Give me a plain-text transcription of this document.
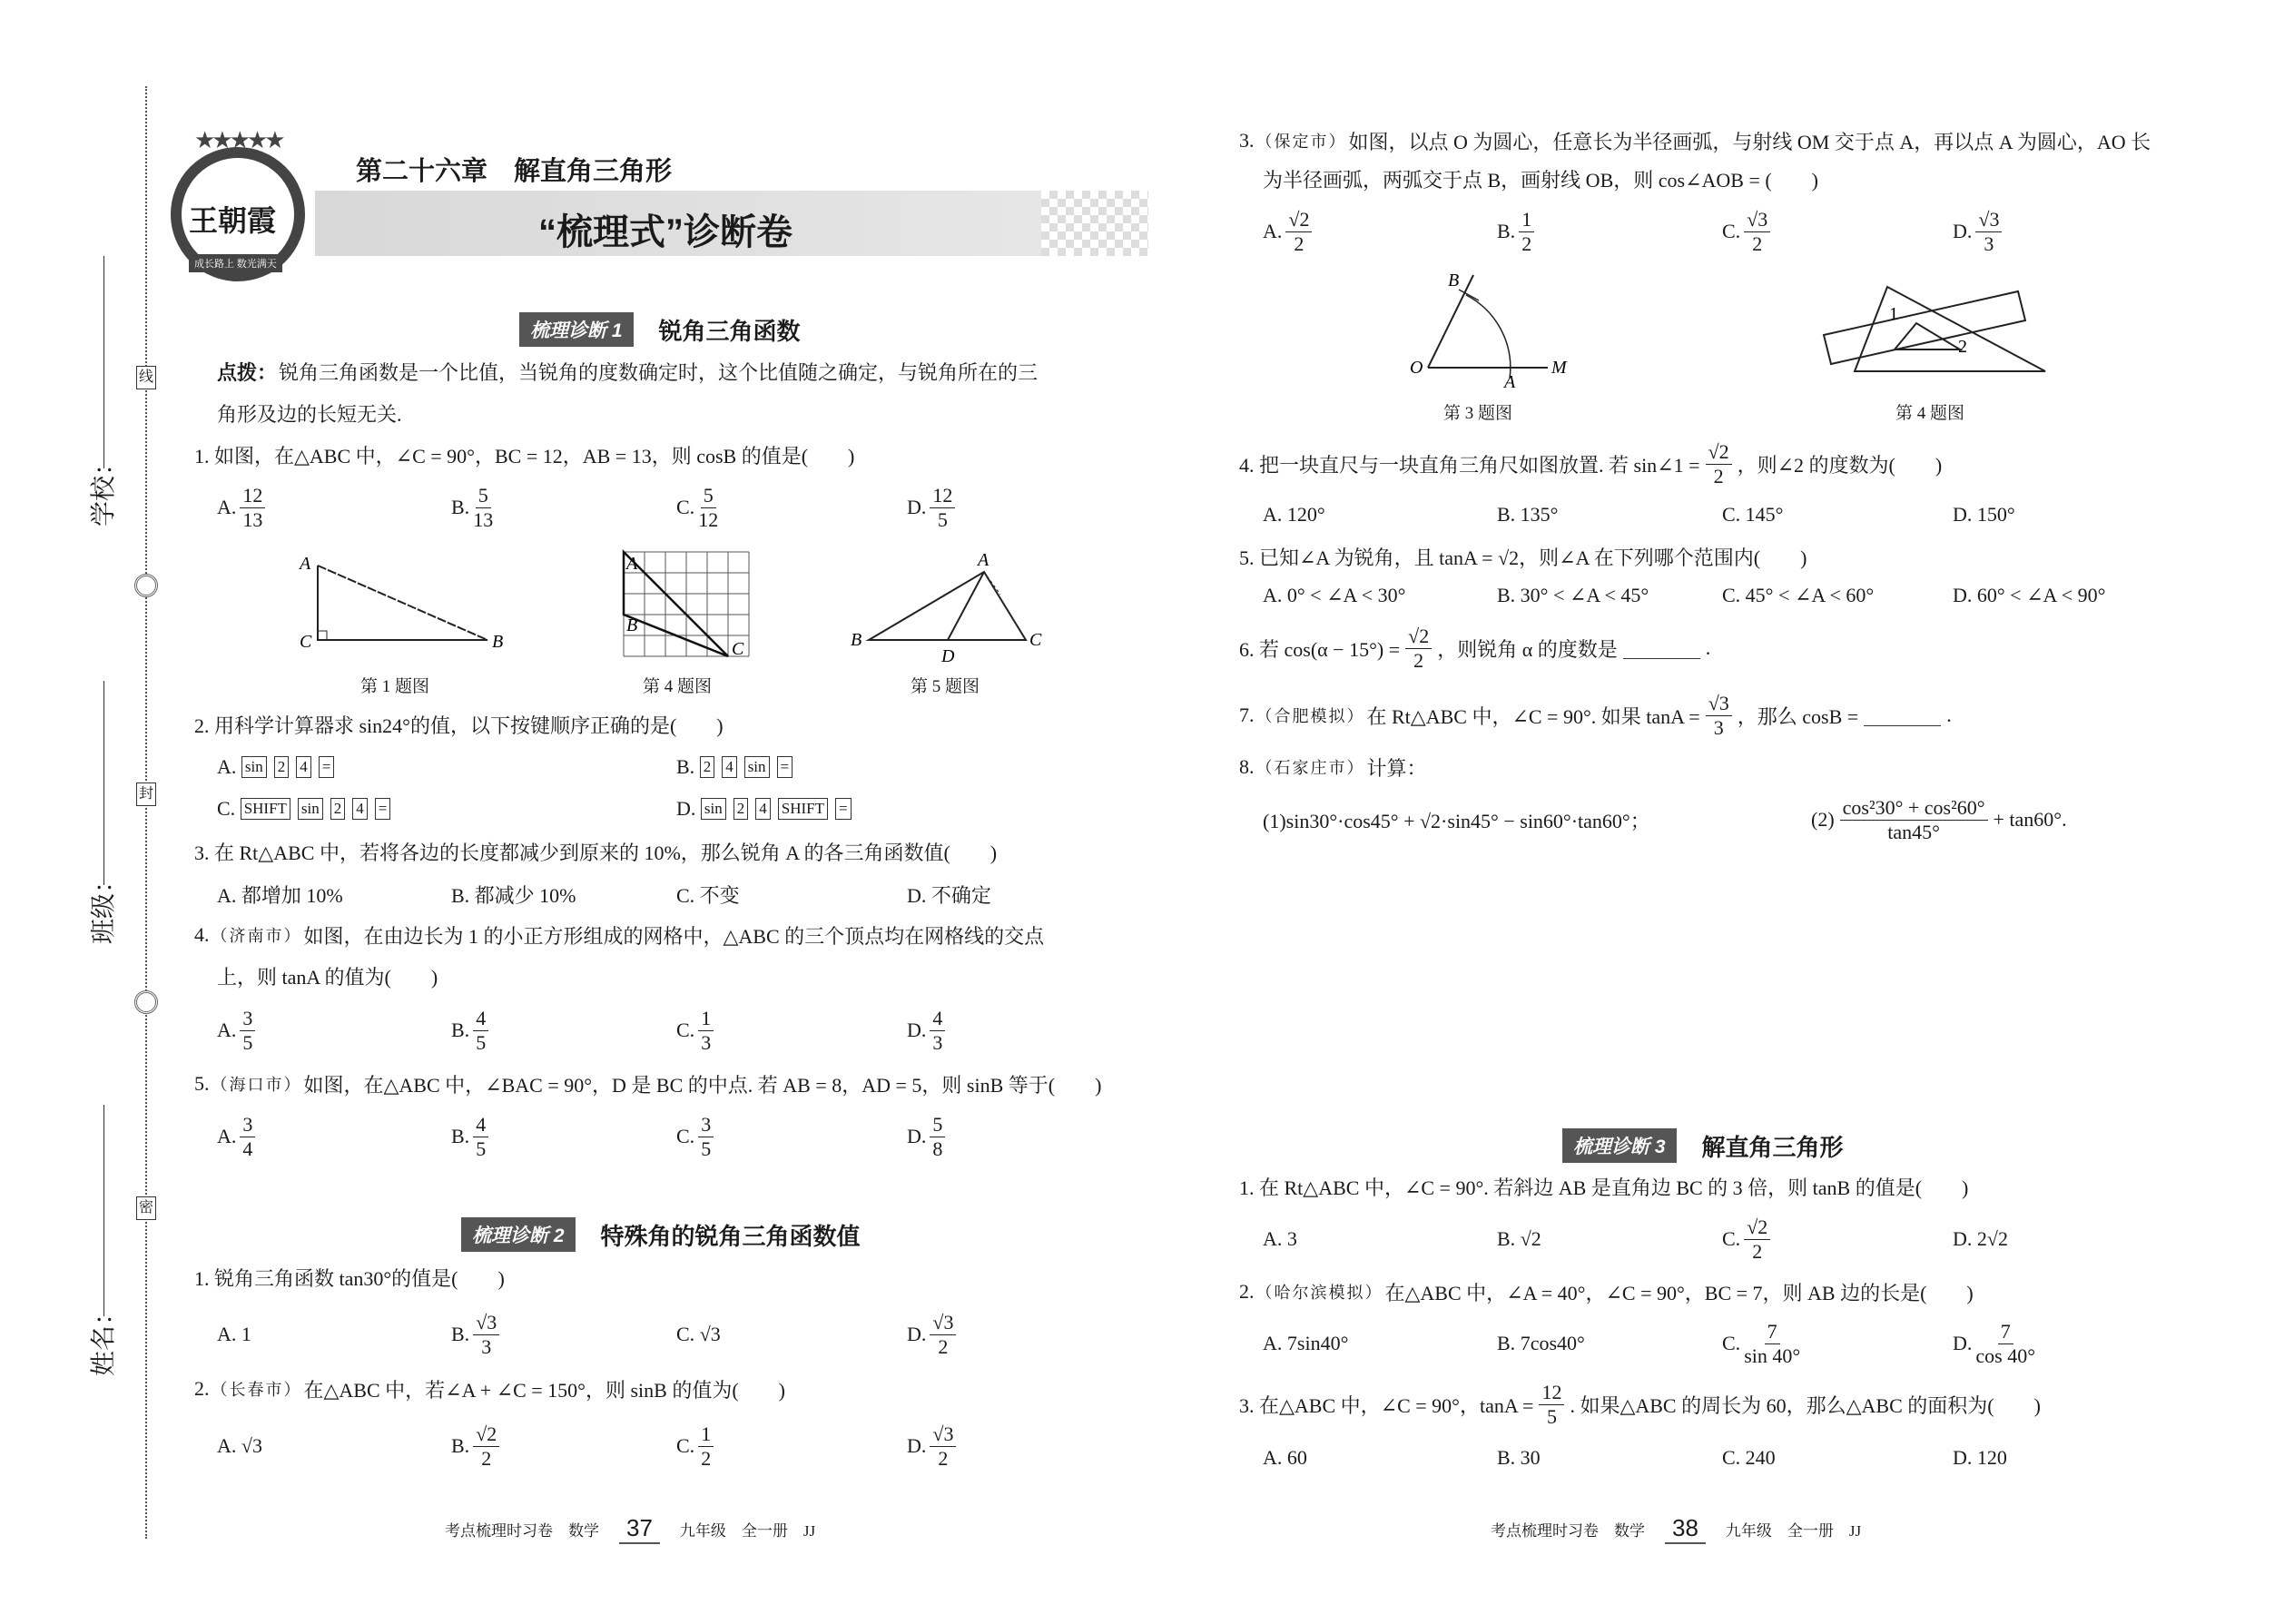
学校：
班级：
姓名：
线
封
密
★★★★★
王朝霞
成长路上 数光满天
第二十六章　解直角三角形
“梳理式”诊断卷
梳理诊断 1	锐角三角函数
点拨： 锐角三角函数是一个比值，当锐角的度数确定时，这个比值随之确定，与锐角所在的三
角形及边的长短无关.
1. 如图，在△ABC 中，∠C = 90°，BC = 12，AB = 13，则 cosB 的值是(　　)
A. $\frac{12}{13}$	B. $\frac{5}{13}$	C. $\frac{5}{12}$	D. $\frac{12}{5}$
A
C	B
第 1 题图
A
B
C
第 4 题图
A
B
D
C
第 5 题图
2. 用科学计算器求 sin24°的值，以下按键顺序正确的是(　　)
A.
sin 2 4 =	B.
2 4 sin =
C.
SHIFT sin 2 4 =	D.
sin 2 4 SHIFT =
3. 在 Rt△ABC 中，若将各边的长度都减少到原来的 10%，那么锐角 A 的各三角函数值(　　)
A. 都增加 10%	B. 都减少 10%	C. 不变	D. 不确定
4. （济南市） 如图，在由边长为 1 的小正方形组成的网格中，△ABC 的三个顶点均在网格线的交点
上，则 tanA 的值为(　　)
A. $\frac{3}{5}$	B. $\frac{4}{5}$	C. $\frac{1}{3}$	D. $\frac{4}{3}$
5. （海口市） 如图，在△ABC 中，∠BAC = 90°，D 是 BC 的中点. 若 AB = 8，AD = 5，则 sinB 等于(　　)
A. $\frac{3}{4}$	B. $\frac{4}{5}$	C. $\frac{3}{5}$	D. $\frac{5}{8}$
梳理诊断 2	特殊角的锐角三角函数值
1. 锐角三角函数 tan30°的值是(　　)
A.
1	B. $\frac{√3}{3}$	C.
√3	D. $\frac{√3}{2}$
2. （长春市） 在△ABC 中，若∠A + ∠C = 150°，则 sinB 的值为(　　)
A.
√3	B. $\frac{√2}{2}$	C. $\frac{1}{2}$	D. $\frac{√3}{2}$
考点梳理时习卷　数学	37	九年级　全一册　JJ
3. （保定市） 如图，以点 O 为圆心，任意长为半径画弧，与射线 OM 交于点 A，再以点 A 为圆心，AO 长
为半径画弧，两弧交于点 B，画射线 OB，则 cos∠AOB = (　　)
A. $\frac{√2}{2}$	B. $\frac{1}{2}$	C. $\frac{√3}{2}$	D. $\frac{√3}{3}$
B
O
A
M
第 3 题图
1
2
第 4 题图
4. 把一块直尺与一块直角三角尺如图放置. 若 sin∠1 = $\frac{√2}{2}$ ，则∠2 的度数为(　　)
A. 120°	B. 135°	C. 145°	D. 150°
5. 已知∠A 为锐角，且 tanA = √2，则∠A 在下列哪个范围内(　　)
A. 0° < ∠A < 30°	B. 30° < ∠A < 45°	C. 45° < ∠A < 60°	D. 60° < ∠A < 90°
6. 若 $\cos(\alpha - 15^\circ) = \frac{√2}{2}$ ，则锐角 α 的度数是	.
7. （合肥模拟） 在 Rt△ABC 中，∠C = 90°. 如果 $\tan A = \frac{√3}{3}$ ，那么 cosB =	.
8. （石家庄市） 计算：
(1)sin30°·cos45° + √2·sin45° − sin60°·tan60°；	$(2) \frac{\text{cos²30° + cos²60°}}{\tan 45^\circ} + \tan 60^\circ$.
梳理诊断 3	解直角三角形
1. 在 Rt△ABC 中，∠C = 90°. 若斜边 AB 是直角边 BC 的 3 倍，则 tanB 的值是(　　)
A.
3	B.
√2	C. $\frac{√2}{2}$	D.
2√2
2. （哈尔滨模拟） 在△ABC 中，∠A = 40°，∠C = 90°，BC = 7，则 AB 边的长是(　　)
A.
7sin40°	B.
7cos40°	C. $\frac{7}{\sin 40^\circ}$	D. $\frac{7}{\cos 40^\circ}$
3. 在△ABC 中，∠C = 90°，$\tan A = \frac{12}{5}$ . 如果△ABC 的周长为 60，那么△ABC 的面积为(　　)
A. 60	B. 30	C. 240	D. 120
考点梳理时习卷　数学	38	九年级　全一册　JJ
